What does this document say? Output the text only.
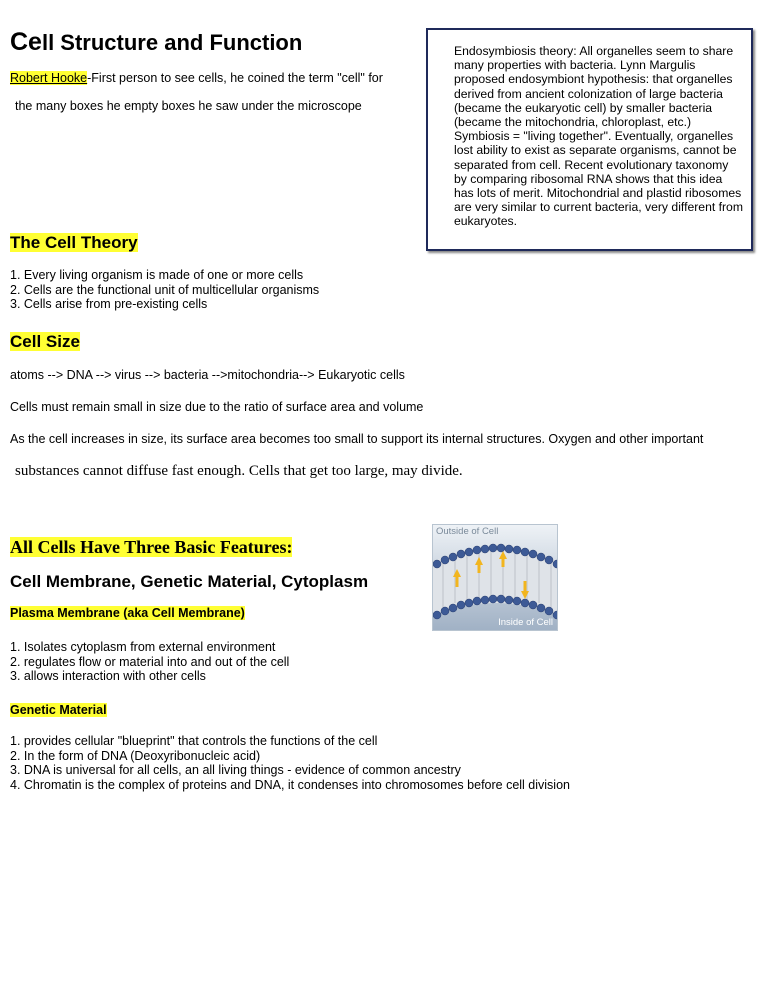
Cell Structure and Function
Robert Hooke-First person to see cells, he coined the term "cell" for
the many boxes he empty boxes he saw under the microscope
Endosymbiosis theory: All organelles seem to share many properties with bacteria. Lynn Margulis proposed endosymbiont hypothesis: that organelles derived from ancient colonization of large bacteria (became the eukaryotic cell) by smaller bacteria (became the mitochondria, chloroplast, etc.) Symbiosis = "living together". Eventually, organelles lost ability to exist as separate organisms, cannot be separated from cell. Recent evolutionary taxonomy by comparing ribosomal RNA shows that this idea has lots of merit. Mitochondrial and plastid ribosomes are very similar to current bacteria, very different from eukaryotes.
The Cell Theory
1. Every living organism is made of one or more cells
2. Cells are the functional unit of multicellular organisms
3. Cells arise from pre-existing cells
Cell Size
atoms --> DNA --> virus --> bacteria -->mitochondria--> Eukaryotic cells
Cells must remain small in size due to the ratio of surface area and volume
As the cell increases in size, its surface area becomes too small to support its internal structures. Oxygen and other important
substances cannot diffuse fast enough. Cells that get too large, may divide.
All Cells Have Three Basic Features:
Cell Membrane, Genetic Material, Cytoplasm
Outside of Cell
Inside of Cell
Plasma Membrane (aka Cell Membrane)
1. Isolates cytoplasm from external environment
2. regulates flow or material into and out of the cell
3. allows interaction with other cells
Genetic Material
1. provides cellular "blueprint" that controls the functions of the cell
2. In the form of DNA (Deoxyribonucleic acid)
3. DNA is universal for all cells, an all living things - evidence of common ancestry
4. Chromatin is the complex of proteins and DNA, it condenses into chromosomes before cell division
